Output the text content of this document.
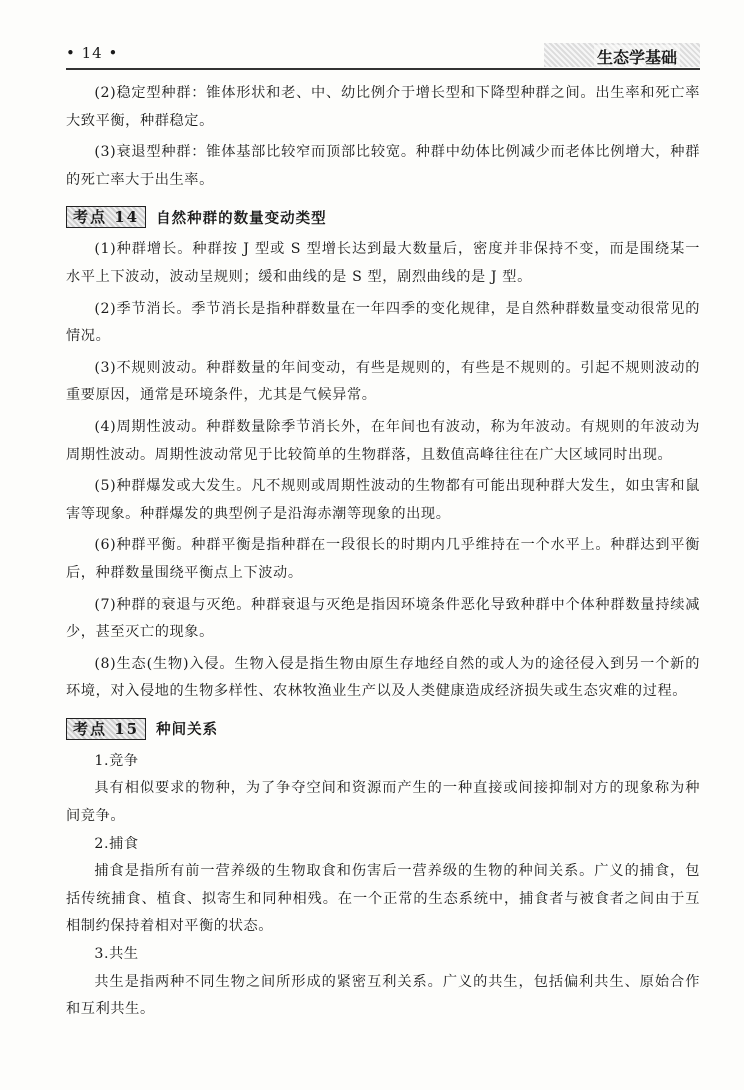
• 14 •	生态学基础

(2)稳定型种群：锥体形状和老、中、幼比例介于增长型和下降型种群之间。出生率和死亡率大致平衡，种群稳定。

(3)衰退型种群：锥体基部比较窄而顶部比较宽。种群中幼体比例减少而老体比例增大，种群的死亡率大于出生率。

考点 14	自然种群的数量变动类型

(1)种群增长。种群按 J 型或 S 型增长达到最大数量后，密度并非保持不变，而是围绕某一水平上下波动，波动呈规则；缓和曲线的是 S 型，剧烈曲线的是 J 型。

(2)季节消长。季节消长是指种群数量在一年四季的变化规律，是自然种群数量变动很常见的情况。

(3)不规则波动。种群数量的年间变动，有些是规则的，有些是不规则的。引起不规则波动的重要原因，通常是环境条件，尤其是气候异常。

(4)周期性波动。种群数量除季节消长外，在年间也有波动，称为年波动。有规则的年波动为周期性波动。周期性波动常见于比较简单的生物群落，且数值高峰往往在广大区域同时出现。

(5)种群爆发或大发生。凡不规则或周期性波动的生物都有可能出现种群大发生，如虫害和鼠害等现象。种群爆发的典型例子是沿海赤潮等现象的出现。

(6)种群平衡。种群平衡是指种群在一段很长的时期内几乎维持在一个水平上。种群达到平衡后，种群数量围绕平衡点上下波动。

(7)种群的衰退与灭绝。种群衰退与灭绝是指因环境条件恶化导致种群中个体种群数量持续减少，甚至灭亡的现象。

(8)生态(生物)入侵。生物入侵是指生物由原生存地经自然的或人为的途径侵入到另一个新的环境，对入侵地的生物多样性、农林牧渔业生产以及人类健康造成经济损失或生态灾难的过程。

考点 15	种间关系
1.竞争

具有相似要求的物种，为了争夺空间和资源而产生的一种直接或间接抑制对方的现象称为种间竞争。

2.捕食

捕食是指所有前一营养级的生物取食和伤害后一营养级的生物的种间关系。广义的捕食，包括传统捕食、植食、拟寄生和同种相残。在一个正常的生态系统中，捕食者与被食者之间由于互相制约保持着相对平衡的状态。

3.共生

共生是指两种不同生物之间所形成的紧密互利关系。广义的共生，包括偏利共生、原始合作和互利共生。
